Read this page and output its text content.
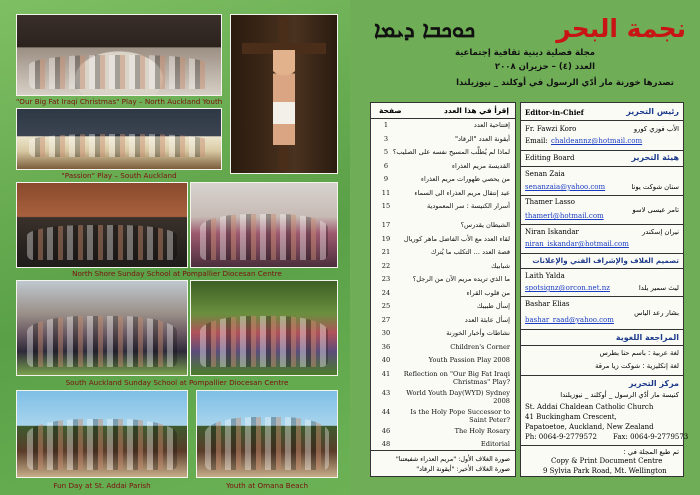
"Our Big Fat Iraqi Christmas" Play – North Auckland Youth
"Passion" Play – South Auckland
North Shore Sunday School at Pompallier Diocesan Centre
South Auckland Sunday School at Pompallier Diocesan Centre
Fun Day at St. Addai Parish	Youth at Omana Beach
ܟܘܟܒܐ ܕܝܡܐ	نجمة البحر
مجلة فصلية دينية ثقافية إجتماعية
العدد (٤) – حزيران ٢٠٠٨
تصدرها خورنة مار أدّي الرسول في أوكلند _ نيوزيلندا
صفحة	إقرأ في هذا العدد
1	إفتتاحية العدد
3	أيقونة العدد "الرقاد"
5 لماذا لم يُطلَّب المسيح نفسه على الصليب؟
6	القديسة مريم العذراء
9	من يحصي ظهورات مريم العذراء
11	عيد إنتقال مريم العذراء الى السماء
15	أسرار الكنيسة : سر المعمودية
17	الشيطان يقدرس؟
19	لقاء العدد مع الأب الفاضل ماهر كوريال
21	قصة العدد ... التكلب ما يُترك
22	شبابيك
23	ما الذي تريده مريم الآن من الرجل؟
24	من قلوب القراء
25	إسأل طبيبك
27	إسأل عابئة العدد
30	نشاطات وأخبار الخورنة
36	Children's Corner
40	Youth Passion Play 2008
41	Reflection on "Our Big Fat Iraqi Christmas" Play?
43	World Youth Day(WYD) Sydney 2008
44	Is the Holy Pope Successor to Saint Peter?
46	The Holy Rosary
48	Editorial
صورة الغلاف الأول: "مريم العذراء شفيعتنا"
صورة الغلاف الأخير: "أيقونة الرقاد"
Editor-in-Chief	رئيس التحرير
Fr. Fawzi Koro	الأب فوزي كورو
Email: chaldeannz@hotmail.com
Editing Board	هيئة التحرير
Senan Zaia
سنان شوكت يونا
senanzaia@yahoo.com
Thamer Lasso
تامر عيسى لاسو
thamerl@hotmail.com
Niran Iskandar	نيران إسكندر
niran_iskandar@hotmail.com
تصميم الغلاف والإشراف الفني والإعلانات
Laith Yalda
ليث سمير يلدا
spotsignz@orcon.net.nz
Bashar Elias
بشار رعد الياس
bashar_raad@yahoo.com
المراجعة اللغوية
لغة عربية : باسم حنا بطرس
لغة إنكليزية : شوكت زيا مرقة
مركز التحرير
كنيسة مار أدّي الرسول _ أوكلند _ نيوزيلندا
St. Addai Chaldean Catholic Church
41 Buckingham Crescent,
Papatoetoe, Auckland, New Zealand
Ph: 0064-9-2779572 Fax: 0064-9-2779573
تم طبع المجلة في :
Copy & Print Document Centre
9 Sylvia Park Road, Mt. Wellington
